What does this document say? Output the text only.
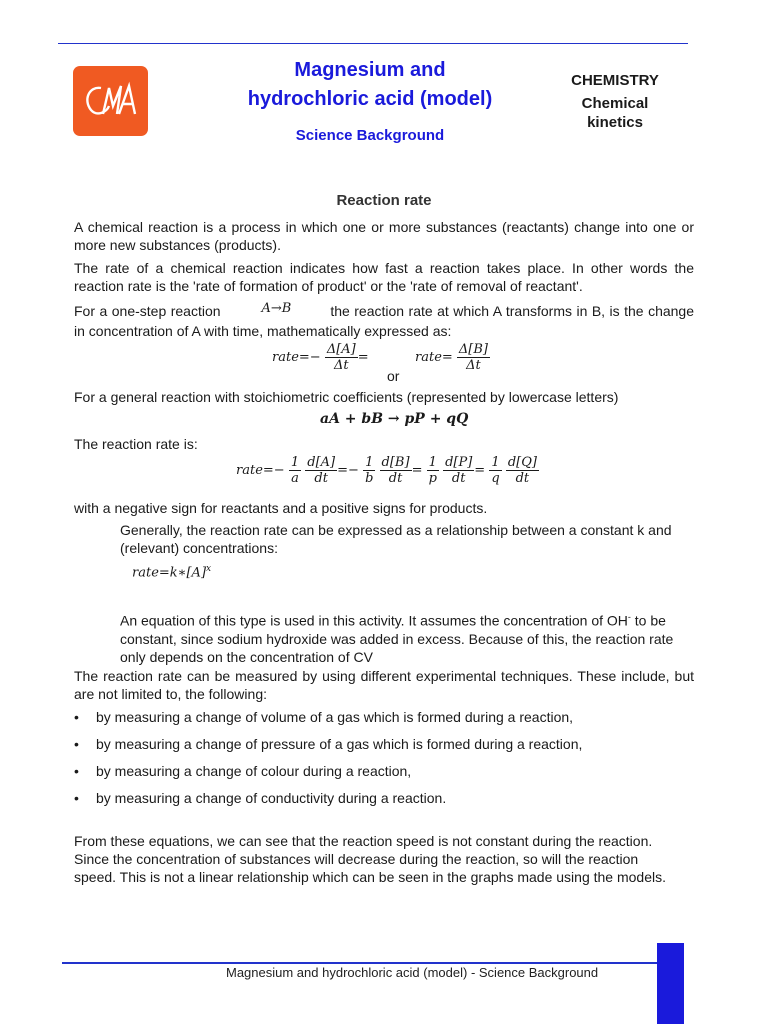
Magnesium and
hydrochloric acid (model)
Science Background
CHEMISTRY
Chemical
kinetics
Reaction rate
A chemical reaction is a process in which one or more substances (reactants) change into one or more new substances (products).
The rate of a chemical reaction indicates how fast a reaction takes place. In other words the reaction rate is the 'rate of formation of product' or the 'rate of removal of reactant'.
For a one-step reaction	A→B	the reaction rate at which A transforms in B, is the change in concentration of A with time, mathematically expressed as:
rate=− $\frac{\Delta[A]}{\Delta t}$ =
or
rate= $\frac{\Delta[B]}{\Delta t}$
For a general reaction with stoichiometric coefficients (represented by lowercase letters)
aA + bB → pP + qQ
The reaction rate is:
rate=− $\frac{1}{a}$
$\frac{d[A]}{dt} =- \frac{1}{b}$
$\frac{d[B]}{dt} = \frac{1}{p}$
$\frac{d[P]}{dt} = \frac{1}{q}$
$\frac{d[Q]}{dt}$
with a negative sign for reactants and a positive signs for products.
Generally, the reaction rate can be expressed as a relationship between a constant k and (relevant) concentrations:
$rate=k∗[A]^x$
An equation of this type is used in this activity. It assumes the concentration of OH- to be constant, since sodium hydroxide was added in excess. Because of this, the reaction rate only depends on the concentration of CV
The reaction rate can be measured by using different experimental techniques. These include, but are not limited to, the following:
• by measuring a change of volume of a gas which is formed during a reaction,
• by measuring a change of pressure of a gas which is formed during a reaction,
• by measuring a change of colour during a reaction,
• by measuring a change of conductivity during a reaction.
From these equations, we can see that the reaction speed is not constant during the reaction. Since the concentration of substances will decrease during the reaction, so will the reaction speed. This is not a linear relationship which can be seen in the graphs made using the models.
Magnesium and hydrochloric acid (model) - Science Background
